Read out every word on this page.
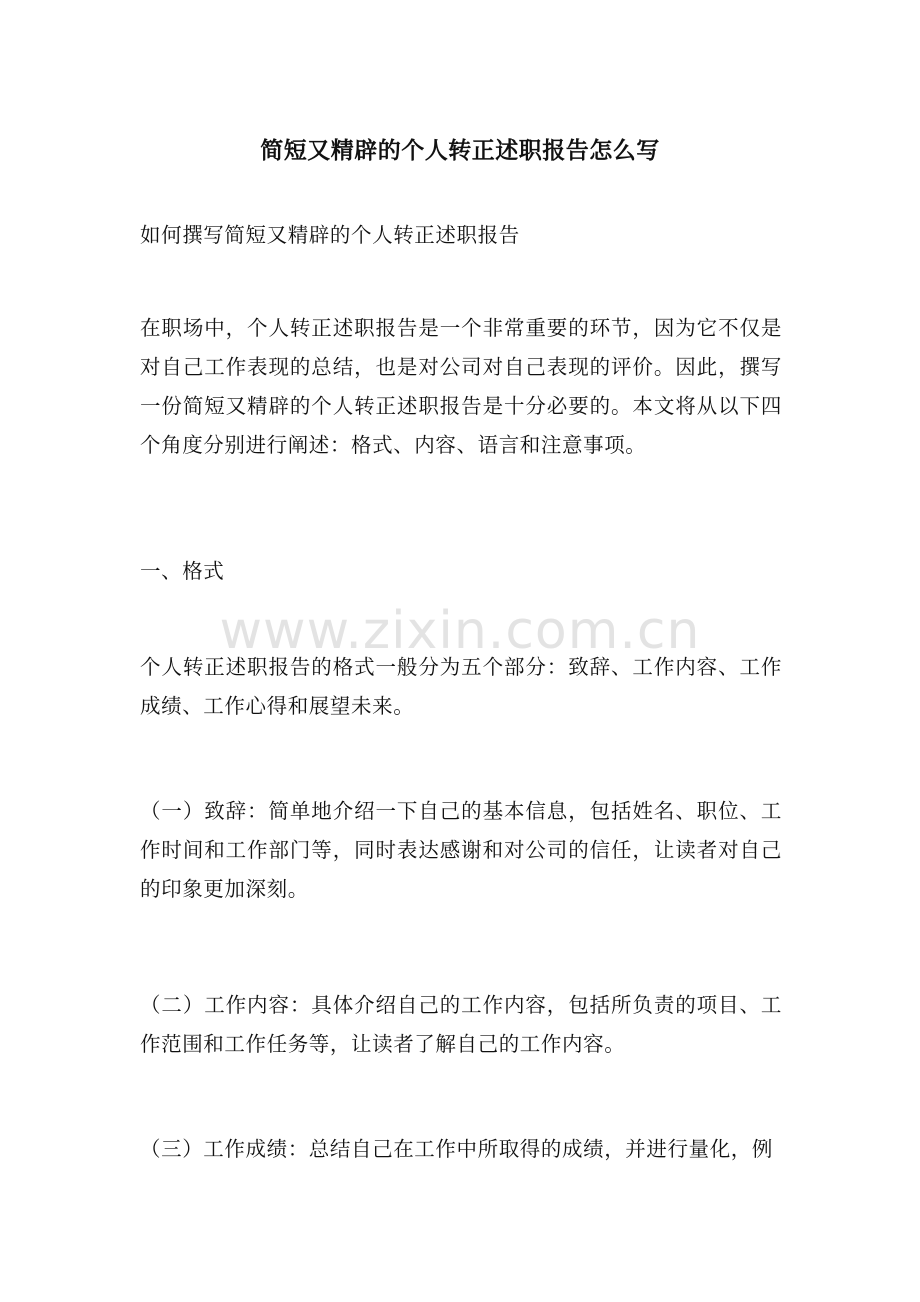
简短又精辟的个人转正述职报告怎么写

如何撰写简短又精辟的个人转正述职报告

在职场中，个人转正述职报告是一个非常重要的环节，因为它不仅是对自己工作表现的总结，也是对公司对自己表现的评价。因此，撰写一份简短又精辟的个人转正述职报告是十分必要的。本文将从以下四个角度分别进行阐述：格式、内容、语言和注意事项。

一、格式

www.zixin.com.cn

个人转正述职报告的格式一般分为五个部分：致辞、工作内容、工作成绩、工作心得和展望未来。

（一）致辞：简单地介绍一下自己的基本信息，包括姓名、职位、工作时间和工作部门等，同时表达感谢和对公司的信任，让读者对自己的印象更加深刻。

（二）工作内容：具体介绍自己的工作内容，包括所负责的项目、工作范围和工作任务等，让读者了解自己的工作内容。

（三）工作成绩：总结自己在工作中所取得的成绩，并进行量化，例
